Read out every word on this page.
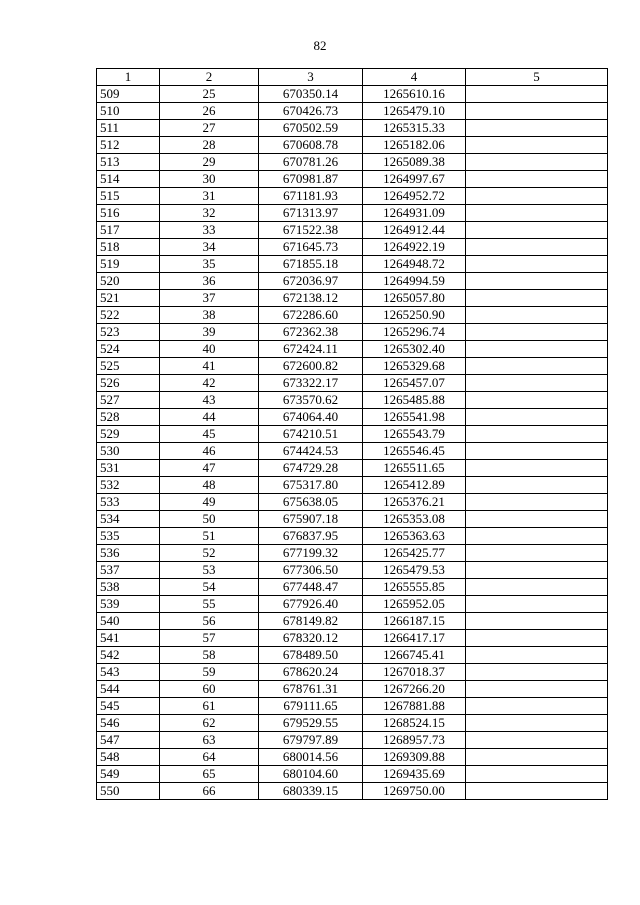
82
1	2	3	4	5
509	25	670350.14	1265610.16	
510	26	670426.73	1265479.10	
511	27	670502.59	1265315.33	
512	28	670608.78	1265182.06	
513	29	670781.26	1265089.38	
514	30	670981.87	1264997.67	
515	31	671181.93	1264952.72	
516	32	671313.97	1264931.09	
517	33	671522.38	1264912.44	
518	34	671645.73	1264922.19	
519	35	671855.18	1264948.72	
520	36	672036.97	1264994.59	
521	37	672138.12	1265057.80	
522	38	672286.60	1265250.90	
523	39	672362.38	1265296.74	
524	40	672424.11	1265302.40	
525	41	672600.82	1265329.68	
526	42	673322.17	1265457.07	
527	43	673570.62	1265485.88	
528	44	674064.40	1265541.98	
529	45	674210.51	1265543.79	
530	46	674424.53	1265546.45	
531	47	674729.28	1265511.65	
532	48	675317.80	1265412.89	
533	49	675638.05	1265376.21	
534	50	675907.18	1265353.08	
535	51	676837.95	1265363.63	
536	52	677199.32	1265425.77	
537	53	677306.50	1265479.53	
538	54	677448.47	1265555.85	
539	55	677926.40	1265952.05	
540	56	678149.82	1266187.15	
541	57	678320.12	1266417.17	
542	58	678489.50	1266745.41	
543	59	678620.24	1267018.37	
544	60	678761.31	1267266.20	
545	61	679111.65	1267881.88	
546	62	679529.55	1268524.15	
547	63	679797.89	1268957.73	
548	64	680014.56	1269309.88	
549	65	680104.60	1269435.69	
550	66	680339.15	1269750.00	
